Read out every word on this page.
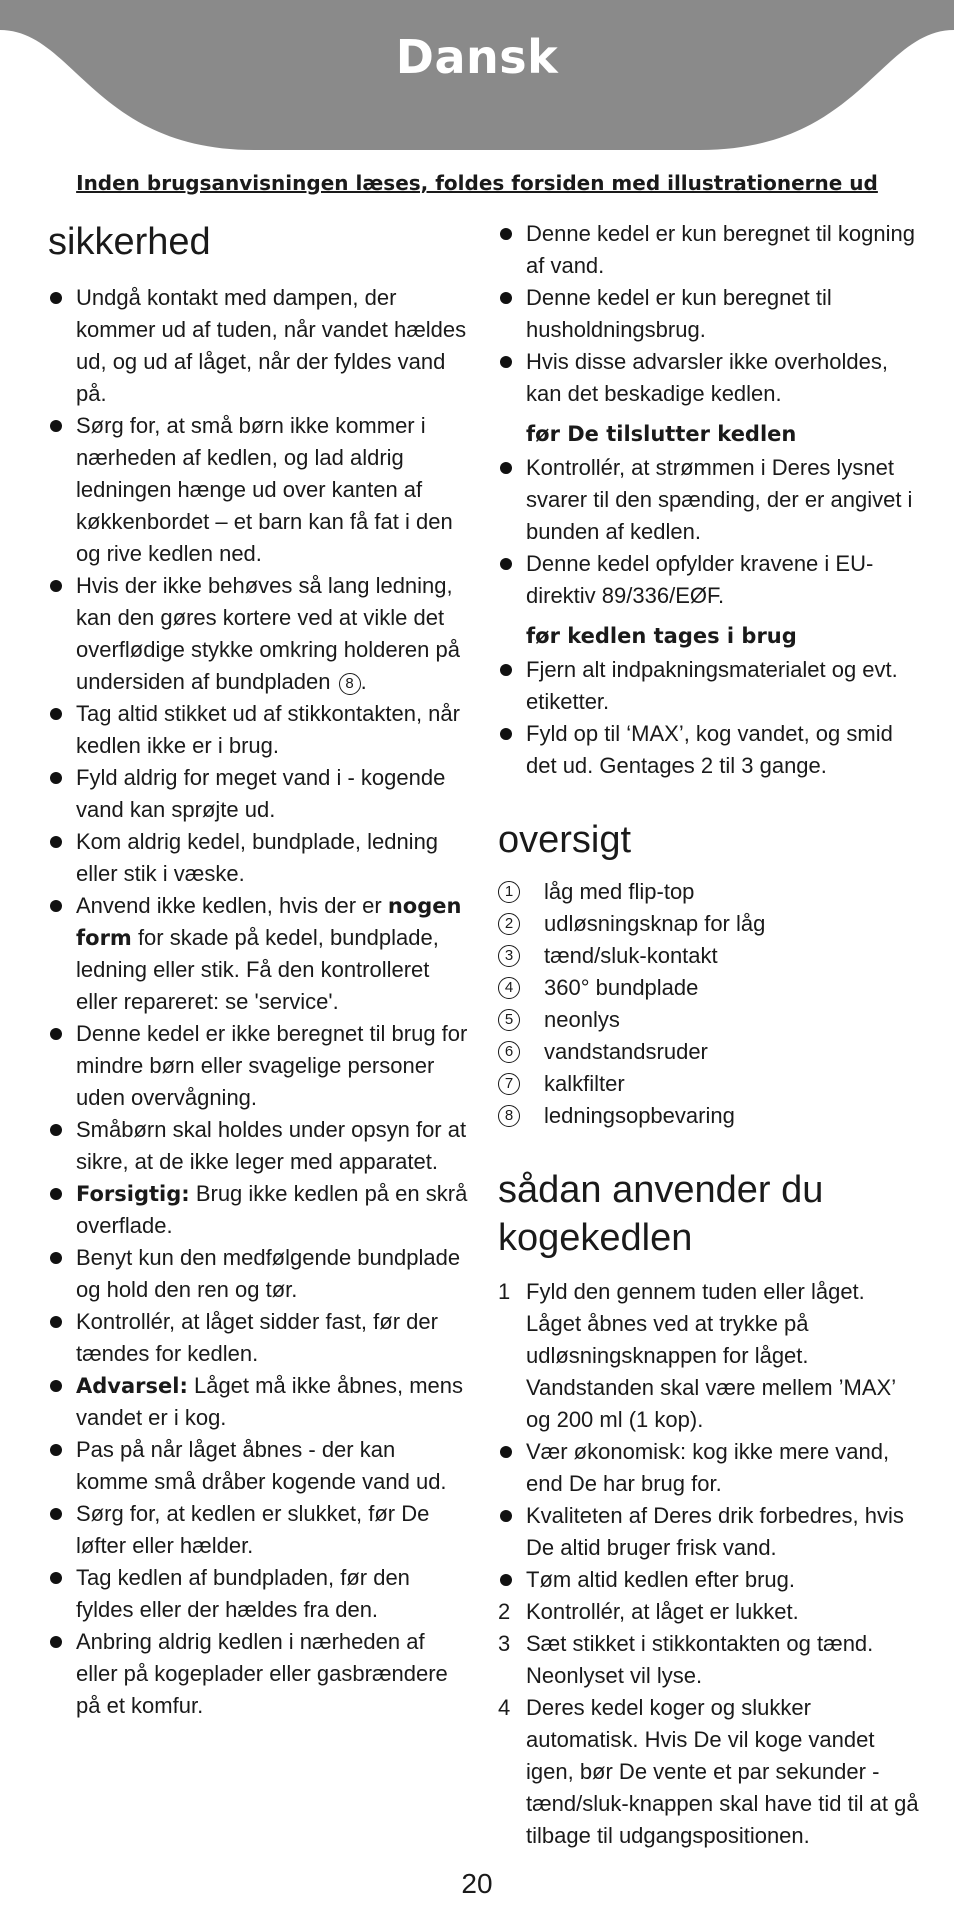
Dansk
Inden brugsanvisningen læses, foldes forsiden med illustrationerne ud
sikkerhed
Undgå kontakt med dampen, der kommer ud af tuden, når vandet hældes ud, og ud af låget, når der fyldes vand på.
Sørg for, at små børn ikke kommer i nærheden af kedlen, og lad aldrig ledningen hænge ud over kanten af køkkenbordet – et barn kan få fat i den og rive kedlen ned.
Hvis der ikke behøves så lang ledning, kan den gøres kortere ved at vikle det overflødige stykke omkring holderen på undersiden af bundpladen 8 .
Tag altid stikket ud af stikkontakten, når kedlen ikke er i brug.
Fyld aldrig for meget vand i - kogende vand kan sprøjte ud.
Kom aldrig kedel, bundplade, ledning eller stik i væske.
Anvend ikke kedlen, hvis der er nogen form for skade på kedel, bundplade, ledning eller stik. Få den kontrolleret eller repareret: se 'service'.
Denne kedel er ikke beregnet til brug for mindre børn eller svagelige personer uden overvågning.
Småbørn skal holdes under opsyn for at sikre, at de ikke leger med apparatet.
Forsigtig: Brug ikke kedlen på en skrå overflade.
Benyt kun den medfølgende bundplade og hold den ren og tør.
Kontrollér, at låget sidder fast, før der tændes for kedlen.
Advarsel: Låget må ikke åbnes, mens vandet er i kog.
Pas på når låget åbnes - der kan komme små dråber kogende vand ud.
Sørg for, at kedlen er slukket, før De løfter eller hælder.
Tag kedlen af bundpladen, før den fyldes eller der hældes fra den.
Anbring aldrig kedlen i nærheden af eller på kogeplader eller gasbrændere på et komfur.
Denne kedel er kun beregnet til kogning af vand.
Denne kedel er kun beregnet til husholdningsbrug.
Hvis disse advarsler ikke overholdes, kan det beskadige kedlen.
før De tilslutter kedlen
Kontrollér, at strømmen i Deres lysnet svarer til den spænding, der er angivet i bunden af kedlen.
Denne kedel opfylder kravene i EU-direktiv 89/336/EØF.
før kedlen tages i brug
Fjern alt indpakningsmaterialet og evt. etiketter.
Fyld op til ‘MAX’, kog vandet, og smid det ud. Gentages 2 til 3 gange.
oversigt
1	låg med flip-top
2	udløsningsknap for låg
3	tænd/sluk-kontakt
4	360° bundplade
5	neonlys
6	vandstandsruder
7	kalkfilter
8	ledningsopbevaring
sådan anvender du kogekedlen
1 Fyld den gennem tuden eller låget. Låget åbnes ved at trykke på udløsningsknappen for låget. Vandstanden skal være mellem ’MAX’ og 200 ml (1 kop).
Vær økonomisk: kog ikke mere vand, end De har brug for.
Kvaliteten af Deres drik forbedres, hvis De altid bruger frisk vand.
Tøm altid kedlen efter brug.
2 Kontrollér, at låget er lukket.
3 Sæt stikket i stikkontakten og tænd. Neonlyset vil lyse.
4 Deres kedel koger og slukker automatisk. Hvis De vil koge vandet igen, bør De vente et par sekunder - tænd/sluk-knappen skal have tid til at gå tilbage til udgangspositionen.
20
